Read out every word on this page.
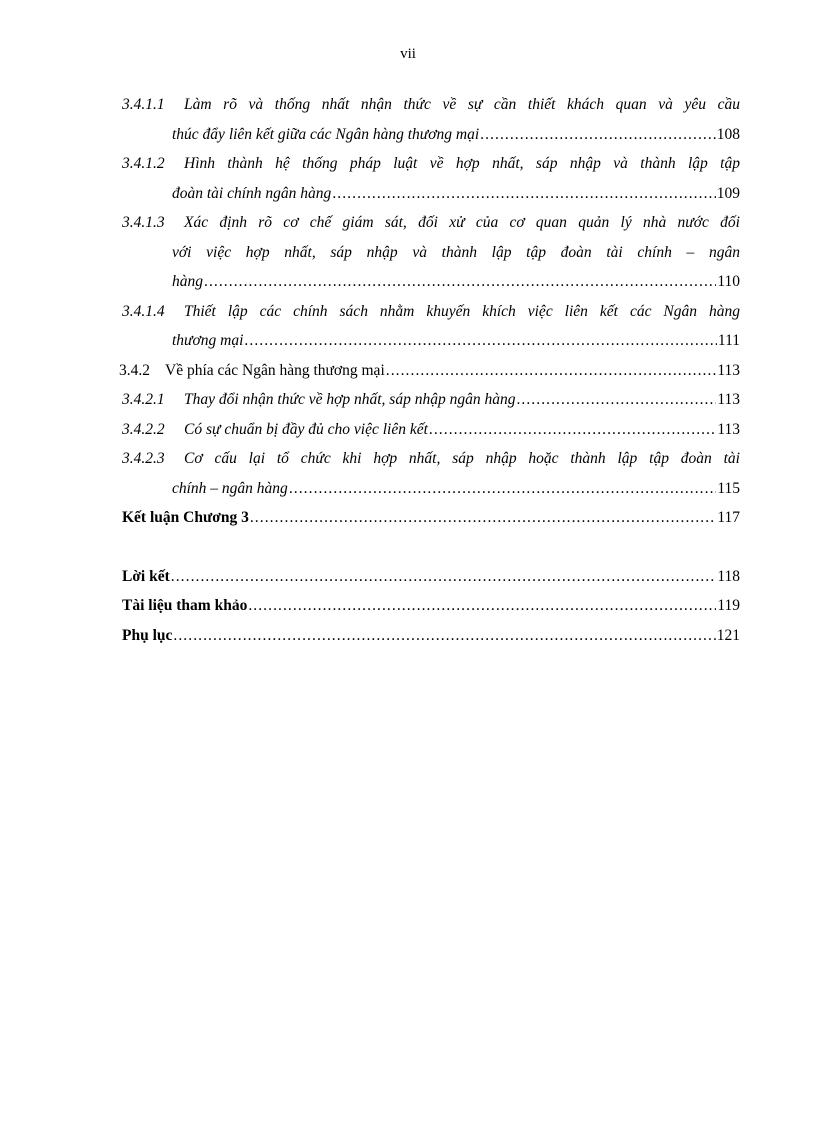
vii
3.4.1.1 Làm rõ và thống nhất nhận thức về sự cần thiết khách quan và yêu cầu
thúc đẩy liên kết giữa các Ngân hàng thương mại . . .	108
3.4.1.2 Hình thành hệ thống pháp luật về hợp nhất, sáp nhập và thành lập tập
đoàn tài chính ngân hàng . . .	109
3.4.1.3 Xác định rõ cơ chế giám sát, đối xử của cơ quan quản lý nhà nước đối
với việc hợp nhất, sáp nhập và thành lập tập đoàn tài chính – ngân
hàng . . .	110
3.4.1.4 Thiết lập các chính sách nhằm khuyến khích việc liên kết các Ngân hàng
thương mại . . .	111
3.4.2 Về phía các Ngân hàng thương mại . . .	113
3.4.2.1	Thay đổi nhận thức về hợp nhất, sáp nhập ngân hàng . . .	113
3.4.2.2	Có sự chuẩn bị đầy đủ cho việc liên kết . . .	113
3.4.2.3 Cơ cấu lại tổ chức khi hợp nhất, sáp nhập hoặc thành lập tập đoàn tài
chính – ngân hàng . . .	115
Kết luận Chương 3 . . .	117
Lời kết . . .	118
Tài liệu tham khảo . . .	119
Phụ lục . . .	121
